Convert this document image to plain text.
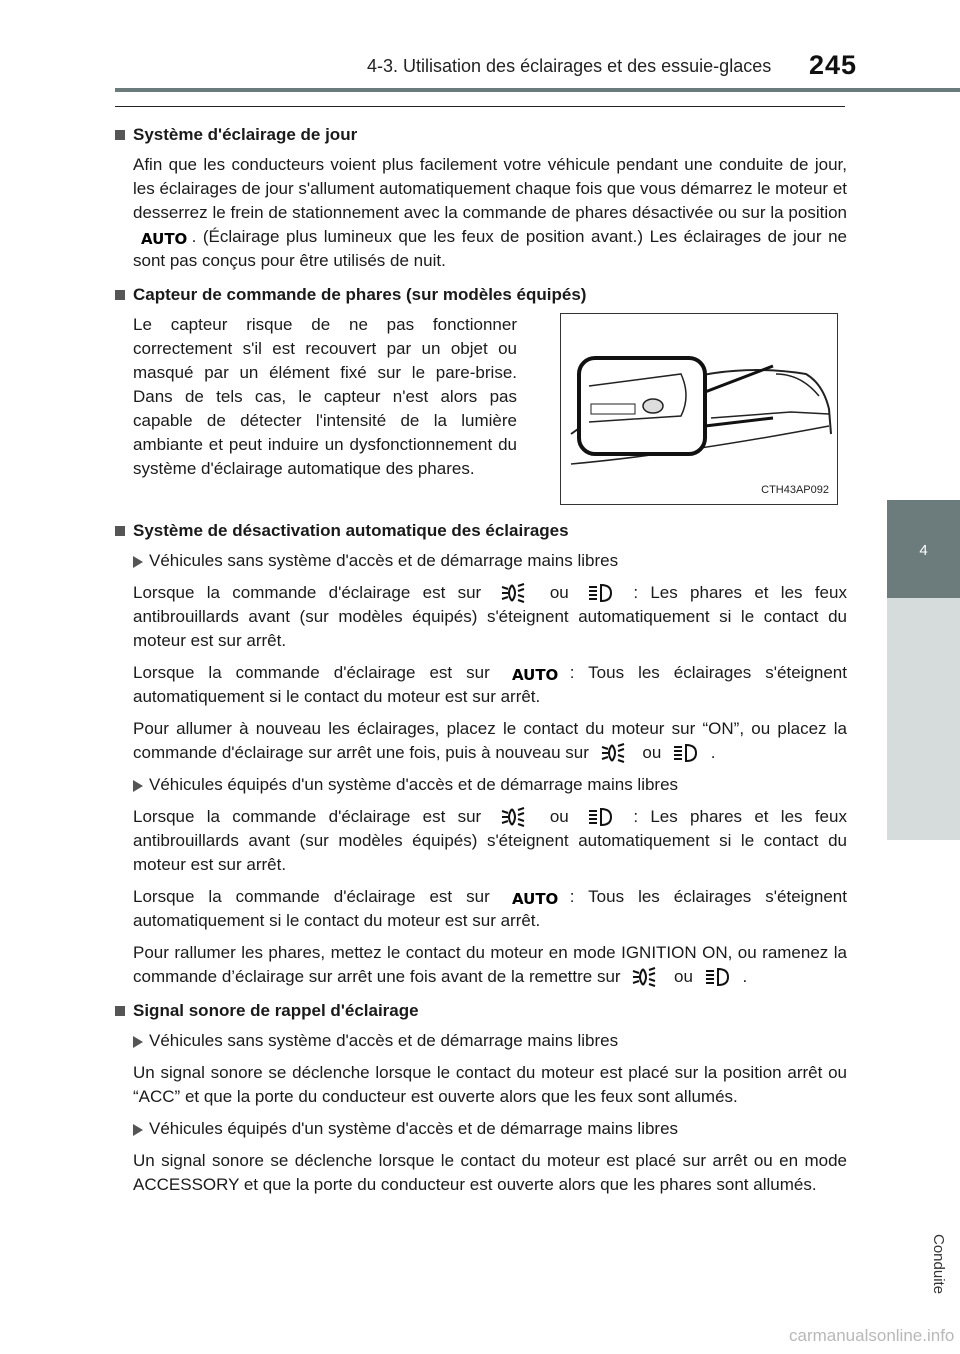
4-3. Utilisation des éclairages et des essuie-glaces 245
4
Conduite
Système d'éclairage de jour
Afin que les conducteurs voient plus facilement votre véhicule pendant une conduite de jour, les éclairages de jour s'allument automatiquement chaque fois que vous démarrez le moteur et desserrez le frein de stationnement avec la commande de phares désactivée ou sur la position
AUTO . (Éclairage plus lumineux que les feux de position avant.) Les éclairages de jour ne sont pas conçus pour être utilisés de nuit.
Capteur de commande de phares (sur modèles équipés)
Le capteur risque de ne pas fonctionner correctement s'il est recouvert par un objet ou masqué par un élément fixé sur le pare-brise. Dans de tels cas, le capteur n'est alors pas capable de détecter l'intensité de la lumière ambiante et peut induire un dysfonctionnement du système d'éclairage automatique des phares.
CTH43AP092
Système de désactivation automatique des éclairages
Véhicules sans système d'accès et de démarrage mains libres
Lorsque la commande d'éclairage est sur	ou	: Les phares et les feux antibrouillards avant (sur modèles équipés) s'éteignent automatiquement si le contact du moteur est sur arrêt.
Lorsque la commande d'éclairage est sur AUTO : Tous les éclairages s'éteignent automatiquement si le contact du moteur est sur arrêt.
Pour allumer à nouveau les éclairages, placez le contact du moteur sur “ON”, ou placez la commande d'éclairage sur arrêt une fois, puis à nouveau sur	ou	.
Véhicules équipés d'un système d'accès et de démarrage mains libres
Lorsque la commande d'éclairage est sur	ou	: Les phares et les feux antibrouillards avant (sur modèles équipés) s'éteignent automatiquement si le contact du moteur est sur arrêt.
Lorsque la commande d'éclairage est sur AUTO : Tous les éclairages s'éteignent automatiquement si le contact du moteur est sur arrêt.
Pour rallumer les phares, mettez le contact du moteur en mode IGNITION ON, ou ramenez la commande d’éclairage sur arrêt une fois avant de la remettre sur	ou	.
Signal sonore de rappel d'éclairage
Véhicules sans système d'accès et de démarrage mains libres
Un signal sonore se déclenche lorsque le contact du moteur est placé sur la position arrêt ou “ACC” et que la porte du conducteur est ouverte alors que les feux sont allumés.
Véhicules équipés d'un système d'accès et de démarrage mains libres
Un signal sonore se déclenche lorsque le contact du moteur est placé sur arrêt ou en mode ACCESSORY et que la porte du conducteur est ouverte alors que les phares sont allumés.
carmanualsonline.info
